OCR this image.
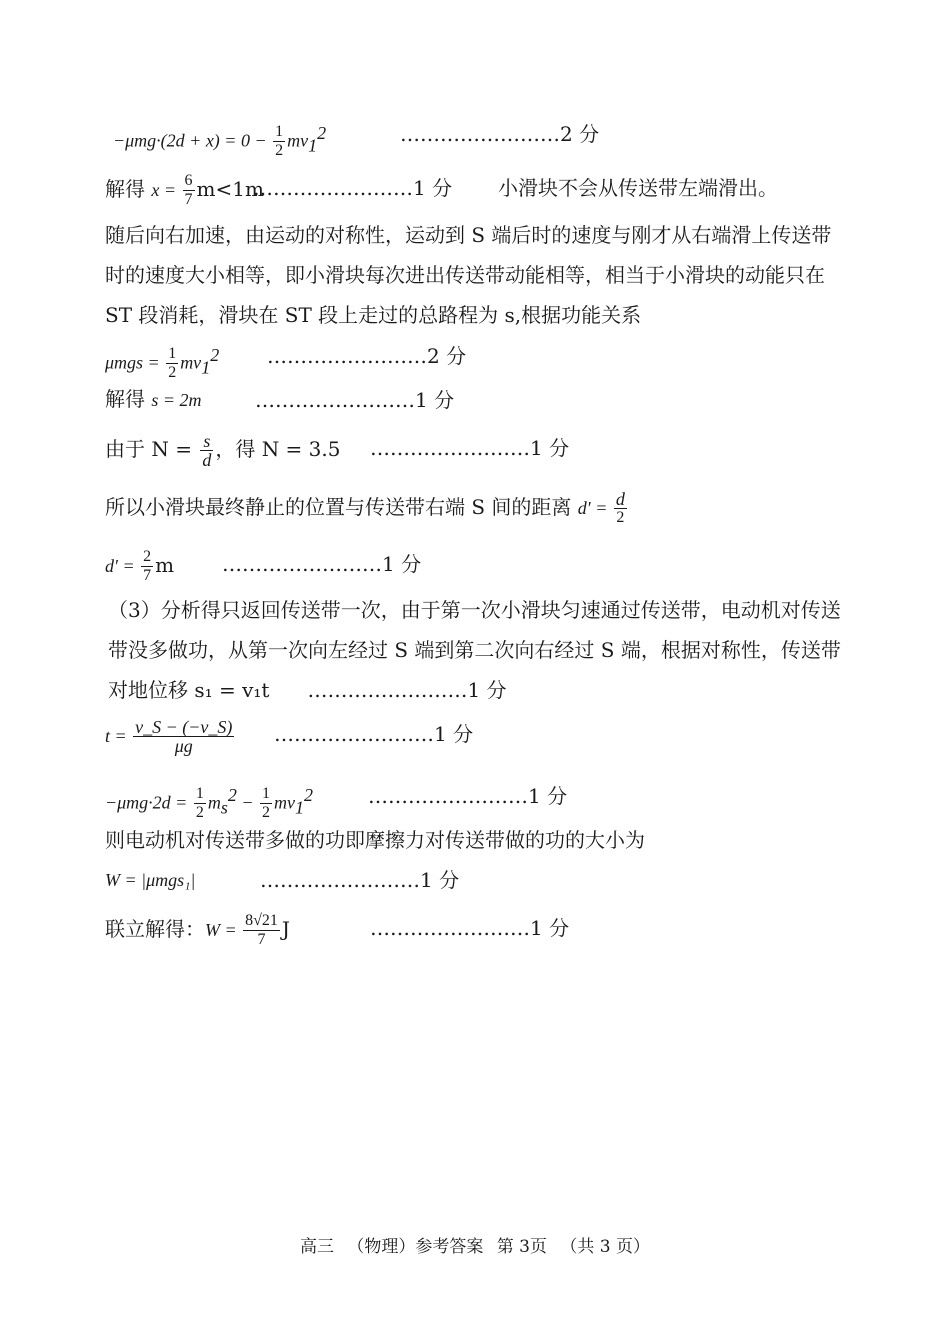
$-\mu mg\cdot(2d + x) = 0 - \frac{1}{2} mv_1^2$	……………………2 分
解得 $x = \frac{6}{7} m<1m$
……………………1 分 小滑块不会从传送带左端滑出。
随后向右加速，由运动的对称性，运动到 S 端后时的速度与刚才从右端滑上传送带时的速度大小相等，即小滑块每次进出传送带动能相等，相当于小滑块的动能只在 ST 段消耗，滑块在 ST 段上走过的总路程为 s,根据功能关系
$\mu mgs = \frac{1}{2} mv_1^2$ ……………………2 分
解得 s = 2m	……………………1 分
由于 $N = \frac{s}{d}$ ，得 N = 3.5 ……………………1 分
所以小滑块最终静止的位置与传送带右端 S 间的距离 $d' = \frac{d}{2}$
$d' = \frac{2}{7}$ m ……………………1 分
（3）分析得只返回传送带一次，由于第一次小滑块匀速通过传送带，电动机对传送带没多做功，从第一次向左经过 S 端到第二次向右经过 S 端，根据对称性，传送带对地位移 s₁ = v₁t ……………………1 分
$t = \frac{v\_S - (-v\_S)}{\mu g}$ ……………………1 分
$-\mu mg\cdot 2d = \frac{1}{2} m_s^2 - \frac{1}{2} mv_1^2$	……………………1 分
则电动机对传送带多做的功即摩擦力对传送带做的功的大小为
W = |μmgs₁|	……………………1 分
联立解得：$W = \frac{8√21}{7}$ J	……………………1 分
高三 （物理）参考答案 第 3页 （共 3 页）
